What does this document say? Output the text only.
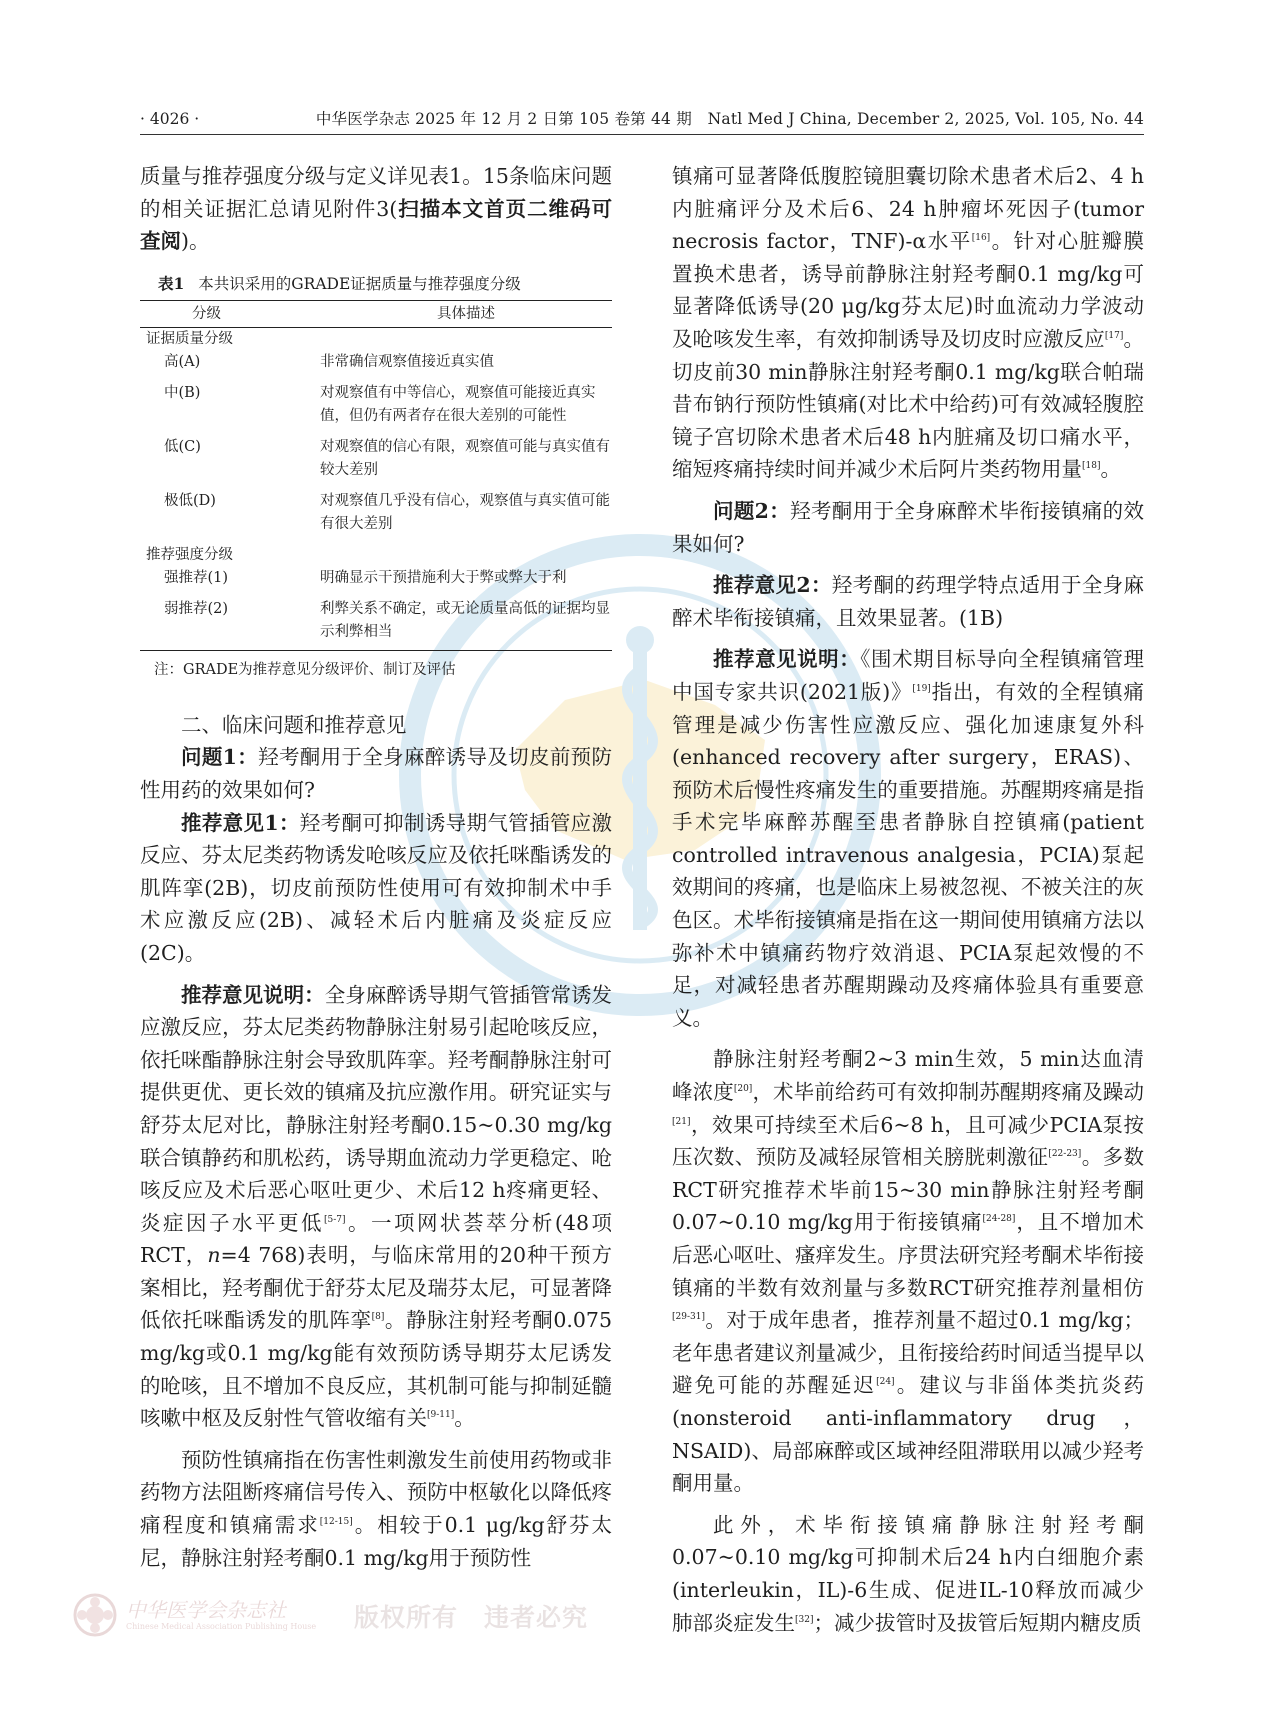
· 4026 ·	中华医学杂志 2025 年 12 月 2 日第 105 卷第 44 期　Natl Med J China, December 2, 2025, Vol. 105, No. 44

质量与推荐强度分级与定义详见表1。15条临床问题的相关证据汇总请见附件3(扫描本文首页二维码可查阅)。

表1 本共识采用的GRADE证据质量与推荐强度分级
分级	具体描述
证据质量分级	
高(A)	非常确信观察值接近真实值
中(B)	对观察值有中等信心，观察值可能接近真实值，但仍有两者存在很大差别的可能性
低(C)	对观察值的信心有限，观察值可能与真实值有较大差别
极低(D)	对观察值几乎没有信心，观察值与真实值可能有很大差别
推荐强度分级	
强推荐(1)	明确显示干预措施利大于弊或弊大于利
弱推荐(2)	利弊关系不确定，或无论质量高低的证据均显示利弊相当
注：GRADE为推荐意见分级评价、制订及评估

二、临床问题和推荐意见

问题1：羟考酮用于全身麻醉诱导及切皮前预防性用药的效果如何?

推荐意见1：羟考酮可抑制诱导期气管插管应激反应、芬太尼类药物诱发呛咳反应及依托咪酯诱发的肌阵挛(2B)，切皮前预防性使用可有效抑制术中手术应激反应(2B)、减轻术后内脏痛及炎症反应(2C)。

推荐意见说明：全身麻醉诱导期气管插管常诱发应激反应，芬太尼类药物静脉注射易引起呛咳反应，依托咪酯静脉注射会导致肌阵挛。羟考酮静脉注射可提供更优、更长效的镇痛及抗应激作用。研究证实与舒芬太尼对比，静脉注射羟考酮0.15~0.30 mg/kg联合镇静药和肌松药，诱导期血流动力学更稳定、呛咳反应及术后恶心呕吐更少、术后12 h疼痛更轻、炎症因子水平更低[5-7]。一项网状荟萃分析(48项RCT，n=4 768)表明，与临床常用的20种干预方案相比，羟考酮优于舒芬太尼及瑞芬太尼，可显著降低依托咪酯诱发的肌阵挛[8]。静脉注射羟考酮0.075 mg/kg或0.1 mg/kg能有效预防诱导期芬太尼诱发的呛咳，且不增加不良反应，其机制可能与抑制延髓咳嗽中枢及反射性气管收缩有关[9-11]。

预防性镇痛指在伤害性刺激发生前使用药物或非药物方法阻断疼痛信号传入、预防中枢敏化以降低疼痛程度和镇痛需求[12-15]。相较于0.1 μg/kg舒芬太尼，静脉注射羟考酮0.1 mg/kg用于预防性

镇痛可显著降低腹腔镜胆囊切除术患者术后2、4 h内脏痛评分及术后6、24 h肿瘤坏死因子(tumor necrosis factor，TNF)-α水平[16]。针对心脏瓣膜置换术患者，诱导前静脉注射羟考酮0.1 mg/kg可显著降低诱导(20 μg/kg芬太尼)时血流动力学波动及呛咳发生率，有效抑制诱导及切皮时应激反应[17]。切皮前30 min静脉注射羟考酮0.1 mg/kg联合帕瑞昔布钠行预防性镇痛(对比术中给药)可有效减轻腹腔镜子宫切除术患者术后48 h内脏痛及切口痛水平，缩短疼痛持续时间并减少术后阿片类药物用量[18]。

问题2：羟考酮用于全身麻醉术毕衔接镇痛的效果如何?

推荐意见2：羟考酮的药理学特点适用于全身麻醉术毕衔接镇痛，且效果显著。(1B)

推荐意见说明：《围术期目标导向全程镇痛管理中国专家共识(2021版)》[19]指出，有效的全程镇痛管理是减少伤害性应激反应、强化加速康复外科(enhanced recovery after surgery，ERAS)、预防术后慢性疼痛发生的重要措施。苏醒期疼痛是指手术完毕麻醉苏醒至患者静脉自控镇痛(patient controlled intravenous analgesia，PCIA)泵起效期间的疼痛，也是临床上易被忽视、不被关注的灰色区。术毕衔接镇痛是指在这一期间使用镇痛方法以弥补术中镇痛药物疗效消退、PCIA泵起效慢的不足，对减轻患者苏醒期躁动及疼痛体验具有重要意义。

静脉注射羟考酮2~3 min生效，5 min达血清峰浓度[20]，术毕前给药可有效抑制苏醒期疼痛及躁动[21]，效果可持续至术后6~8 h，且可减少PCIA泵按压次数、预防及减轻尿管相关膀胱刺激征[22-23]。多数RCT研究推荐术毕前15~30 min静脉注射羟考酮0.07~0.10 mg/kg用于衔接镇痛[24-28]，且不增加术后恶心呕吐、瘙痒发生。序贯法研究羟考酮术毕衔接镇痛的半数有效剂量与多数RCT研究推荐剂量相仿[29-31]。对于成年患者，推荐剂量不超过0.1 mg/kg；老年患者建议剂量减少，且衔接给药时间适当提早以避免可能的苏醒延迟[24]。建议与非甾体类抗炎药(nonsteroid anti-inflammatory drug，NSAID)、局部麻醉或区域神经阻滞联用以减少羟考酮用量。

此外，术毕衔接镇痛静脉注射羟考酮0.07~0.10 mg/kg可抑制术后24 h内白细胞介素(interleukin，IL)-6生成、促进IL-10释放而减少肺部炎症发生[32]；减少拔管时及拔管后短期内糖皮质

中华医学会杂志社
Chinese Medical Association Publishing House 版权所有　违者必究
